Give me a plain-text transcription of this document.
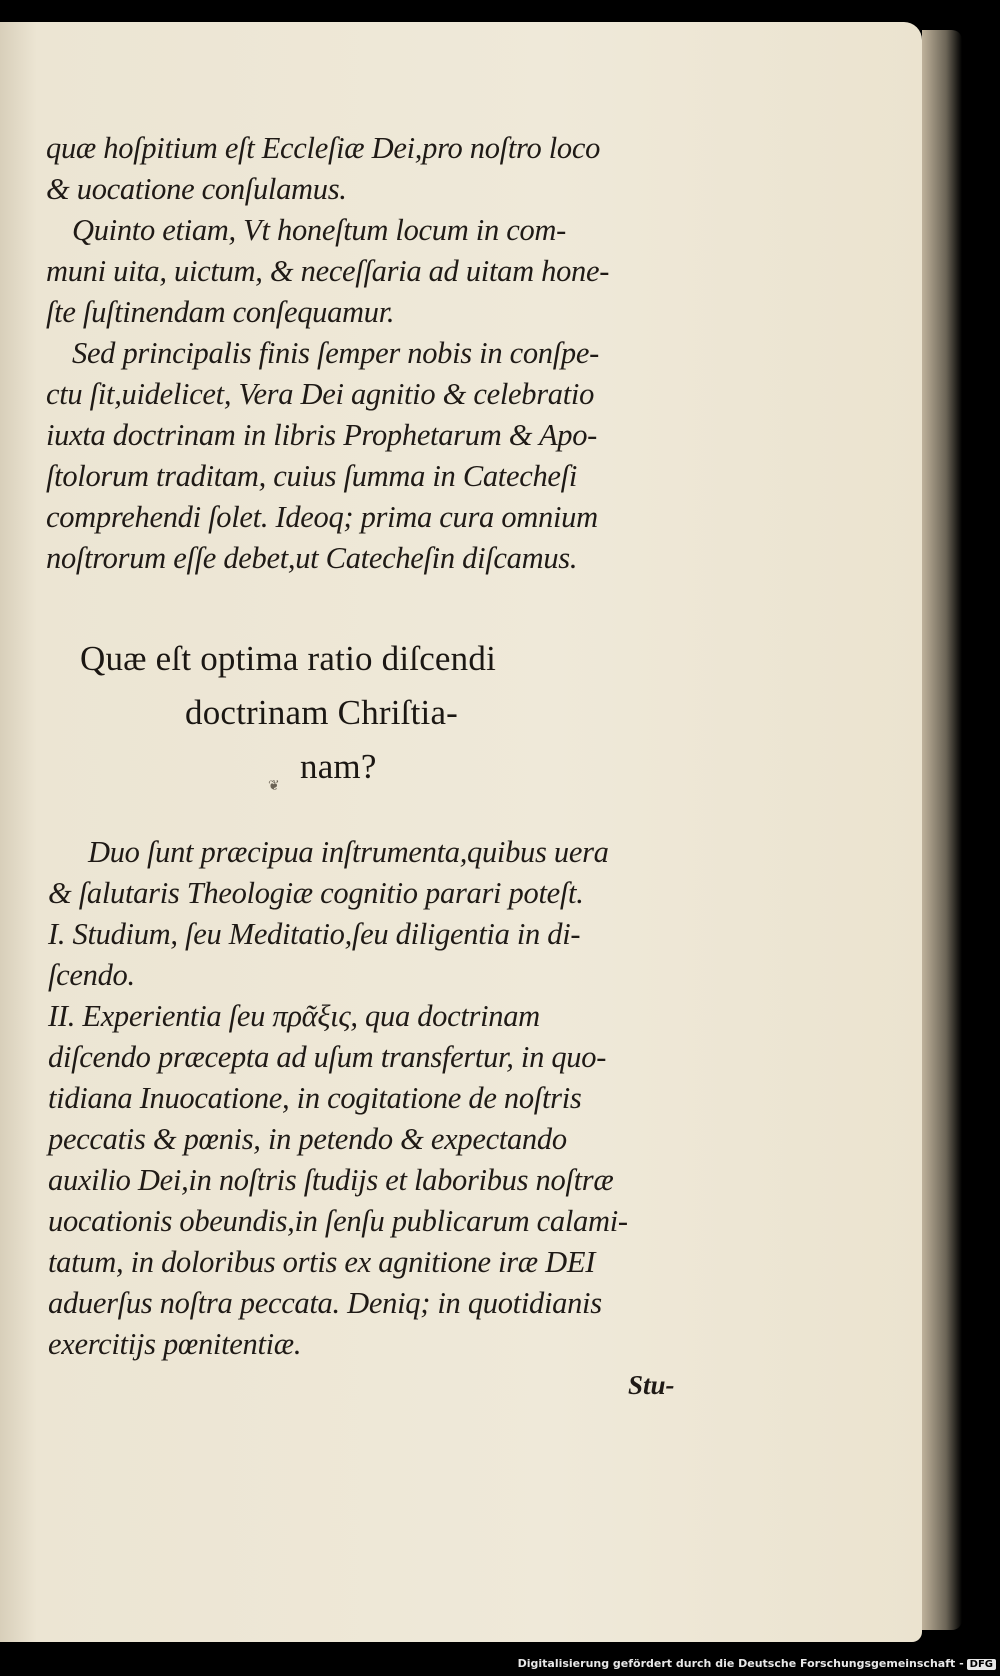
quæ hoſpitium eſt Eccleſiæ Dei,pro noſtro loco
& uocatione conſulamus.
Quinto etiam, Vt honeſtum locum in com-
muni uita, uictum, & neceſſaria ad uitam hone-
ſte ſuſtinendam conſequamur.
Sed principalis finis ſemper nobis in conſpe-
ctu ſit,uidelicet, Vera Dei agnitio & celebratio
iuxta doctrinam in libris Prophetarum & Apo-
ſtolorum traditam, cuius ſumma in Catecheſi
comprehendi ſolet. Ideoq; prima cura omnium
noſtrorum eſſe debet,ut Catecheſin diſcamus.
Quæ eſt optima ratio diſcendi
doctrinam Chriſtia-
nam?
❦
Duo ſunt præcipua inſtrumenta,quibus uera
& ſalutaris Theologiæ cognitio parari poteſt.
I. Studium, ſeu Meditatio,ſeu diligentia in di-
ſcendo.
II. Experientia ſeu πρᾶξις, qua doctrinam
diſcendo præcepta ad uſum transfertur, in quo-
tidiana Inuocatione, in cogitatione de noſtris
peccatis & pœnis, in petendo & expectando
auxilio Dei,in noſtris ſtudijs et laboribus noſtræ
uocationis obeundis,in ſenſu publicarum calami-
tatum, in doloribus ortis ex agnitione iræ DEI
aduerſus noſtra peccata. Deniq; in quotidianis
exercitijs pœnitentiæ.
Stu-
Digitalisierung gefördert durch die Deutsche Forschungsgemeinschaft - DFG
